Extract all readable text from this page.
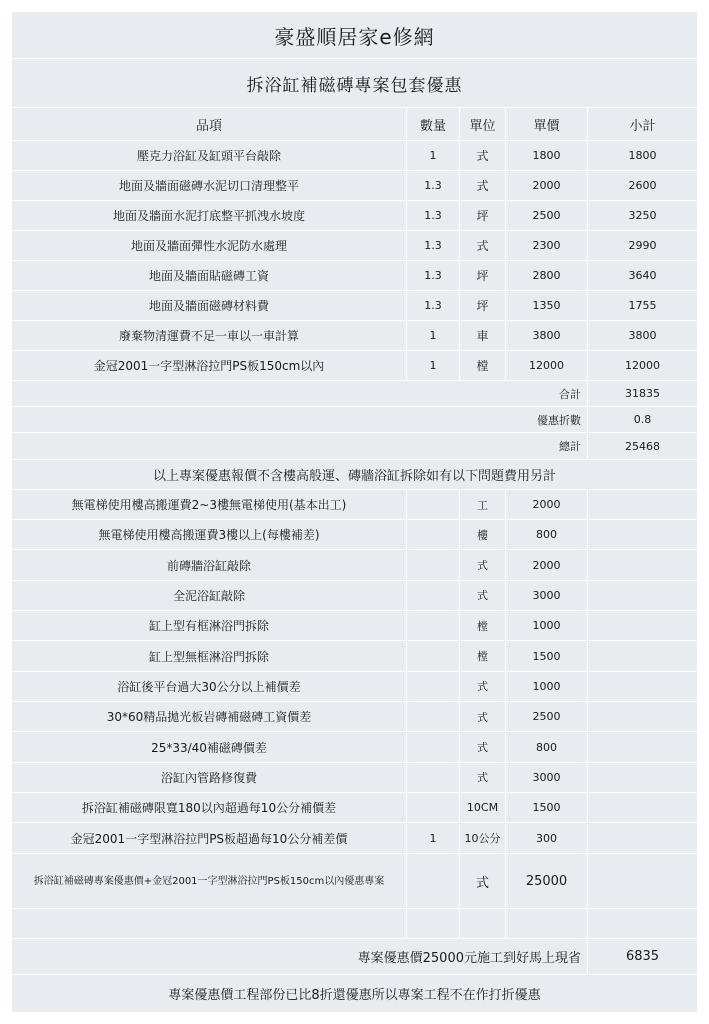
豪盛順居家e修網
拆浴缸補磁磚專案包套優惠
品項	數量	單位	單價	小計
壓克力浴缸及缸頭平台敲除	1	式	1800	1800
地面及牆面磁磚水泥切口清理整平	1.3	式	2000	2600
地面及牆面水泥打底整平抓洩水坡度	1.3	坪	2500	3250
地面及牆面彈性水泥防水處理	1.3	式	2300	2990
地面及牆面貼磁磚工資	1.3	坪	2800	3640
地面及牆面磁磚材料費	1.3	坪	1350	1755
廢棄物清運費不足一車以一車計算	1	車	3800	3800
金冠2001一字型淋浴拉門PS板150cm以內	1	樘	12000	12000
合計	31835
優惠折數	0.8
總計	25468
以上專案優惠報價不含樓高般運、磚牆浴缸拆除如有以下問題費用另計
無電梯使用樓高搬運費2~3樓無電梯使用(基本出工)	工	2000
無電梯使用樓高搬運費3樓以上(每樓補差)	樓	800
前磚牆浴缸敲除	式	2000
全泥浴缸敲除	式	3000
缸上型有框淋浴門拆除	樘	1000
缸上型無框淋浴門拆除	樘	1500
浴缸後平台過大30公分以上補價差	式	1000
30*60精品拋光板岩磚補磁磚工資價差	式	2500
25*33/40補磁磚價差	式	800
浴缸內管路修復費	式	3000
拆浴缸補磁磚限寬180以內超過每10公分補價差	10CM	1500
金冠2001一字型淋浴拉門PS板超過每10公分補差價	1	10公分	300
拆浴缸補磁磚專案優惠價+金冠2001一字型淋浴拉門PS板150cm以內優惠專案	式	25000
專案優惠價25000元施工到好馬上現省	6835
專案優惠價工程部份已比8折還優惠所以專案工程不在作打折優惠
